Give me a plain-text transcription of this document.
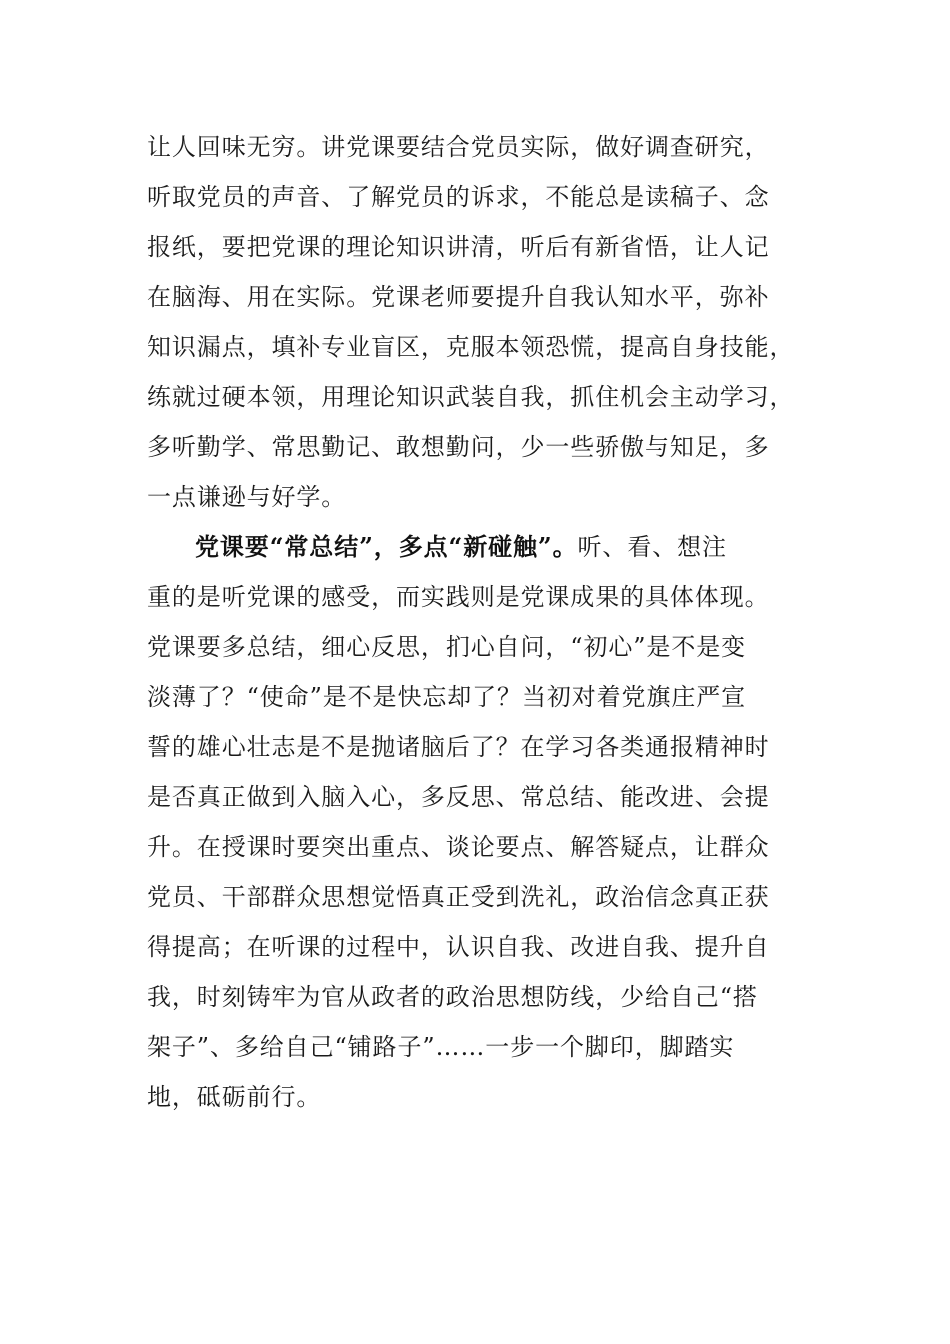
让人回味无穷。讲党课要结合党员实际，做好调查研究，
听取党员的声音、了解党员的诉求，不能总是读稿子、念
报纸，要把党课的理论知识讲清，听后有新省悟，让人记
在脑海、用在实际。党课老师要提升自我认知水平，弥补
知识漏点，填补专业盲区，克服本领恐慌，提高自身技能，
练就过硬本领，用理论知识武装自我，抓住机会主动学习，
多听勤学、常思勤记、敢想勤问，少一些骄傲与知足，多
一点谦逊与好学。
党课要“常总结”，多点“新碰触”。听、看、想注
重的是听党课的感受，而实践则是党课成果的具体体现。
党课要多总结，细心反思，扪心自问，“初心”是不是变
淡薄了？“使命”是不是快忘却了？当初对着党旗庄严宣
誓的雄心壮志是不是抛诸脑后了？在学习各类通报精神时
是否真正做到入脑入心，多反思、常总结、能改进、会提
升。在授课时要突出重点、谈论要点、解答疑点，让群众
党员、干部群众思想觉悟真正受到洗礼，政治信念真正获
得提高；在听课的过程中，认识自我、改进自我、提升自
我，时刻铸牢为官从政者的政治思想防线，少给自己“搭
架子”、多给自己“铺路子”……一步一个脚印，脚踏实
地，砥砺前行。
